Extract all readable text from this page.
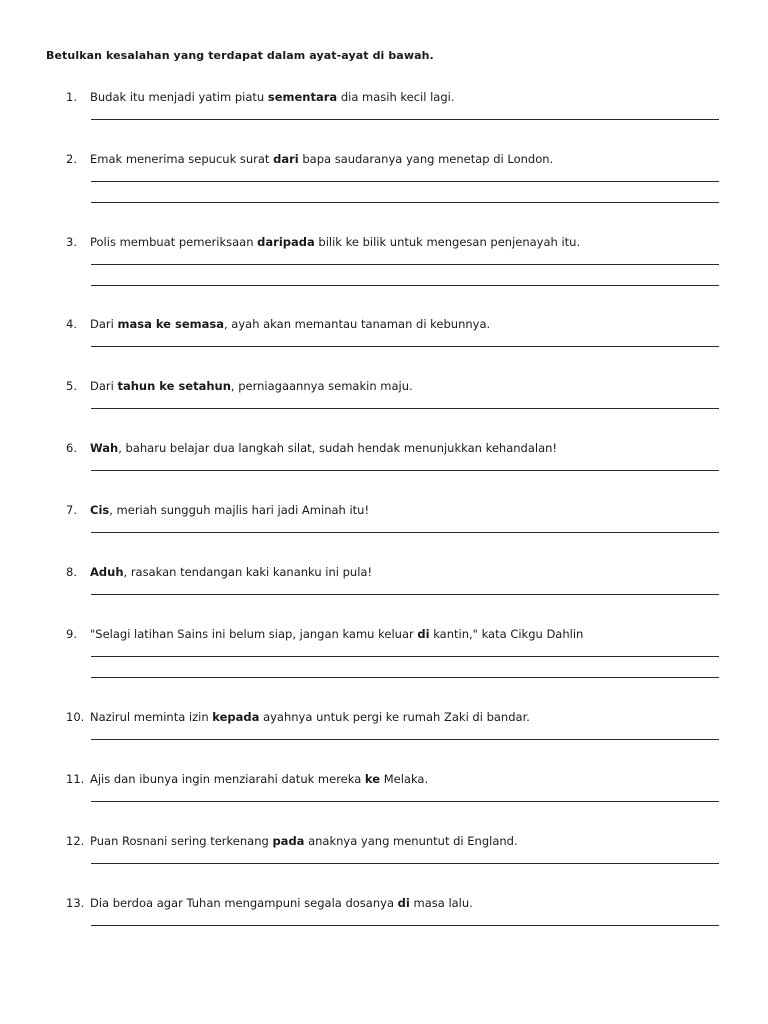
Betulkan kesalahan yang terdapat dalam ayat-ayat di bawah.
1. Budak itu menjadi yatim piatu sementara dia masih kecil lagi.
2. Emak menerima sepucuk surat dari bapa saudaranya yang menetap di London.
3. Polis membuat pemeriksaan daripada bilik ke bilik untuk mengesan penjenayah itu.
4. Dari masa ke semasa, ayah akan memantau tanaman di kebunnya.
5. Dari tahun ke setahun, perniagaannya semakin maju.
6. Wah, baharu belajar dua langkah silat, sudah hendak menunjukkan kehandalan!
7. Cis, meriah sungguh majlis hari jadi Aminah itu!
8. Aduh, rasakan tendangan kaki kananku ini pula!
9. "Selagi latihan Sains ini belum siap, jangan kamu keluar di kantin," kata Cikgu Dahlin
10. Nazirul meminta izin kepada ayahnya untuk pergi ke rumah Zaki di bandar.
11. Ajis dan ibunya ingin menziarahi datuk mereka ke Melaka.
12. Puan Rosnani sering terkenang pada anaknya yang menuntut di England.
13. Dia berdoa agar Tuhan mengampuni segala dosanya di masa lalu.
